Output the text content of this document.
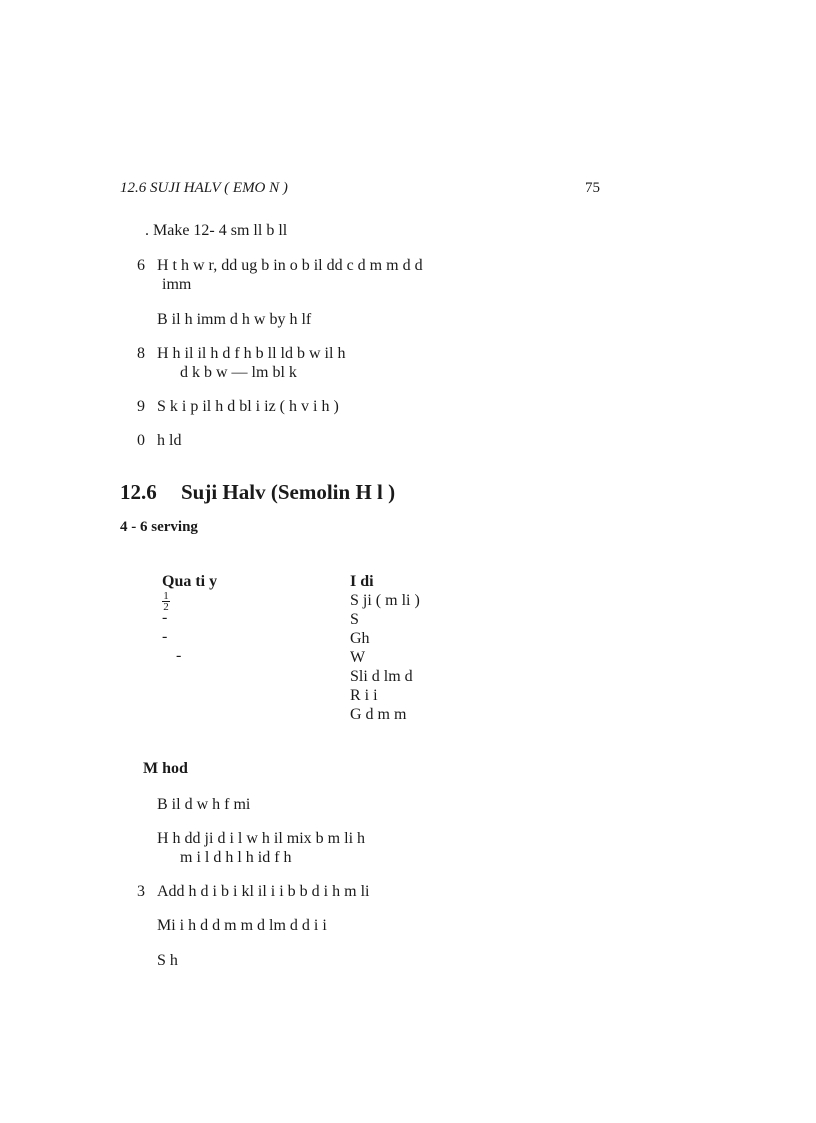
12.6 SUJI HALV ( EMO N )	75
. Make 12- 4 sm ll b ll
6 H t h w r, dd ug b in o b il dd c d m m d d
imm
B il h imm d h w by h lf
8 H h il il h d f h b ll ld b w il h
d k b w — lm bl k
9 S k i p il h d bl i iz ( h v i h )
0 h ld
12.6 Suji Halv (Semolin H l )
4 - 6 serving
Qua ti y	I di
1
2
-
-
-
S ji ( m li )
S
Gh
W
Sli d lm d
R i i
G d m m
M hod
B il d w h f mi
H h dd ji d i l w h il mix b m li h
m i l d h l h id f h
3 Add h d i b i kl il i i b b d i h m li
Mi i h d d m m d lm d d i i
S h
